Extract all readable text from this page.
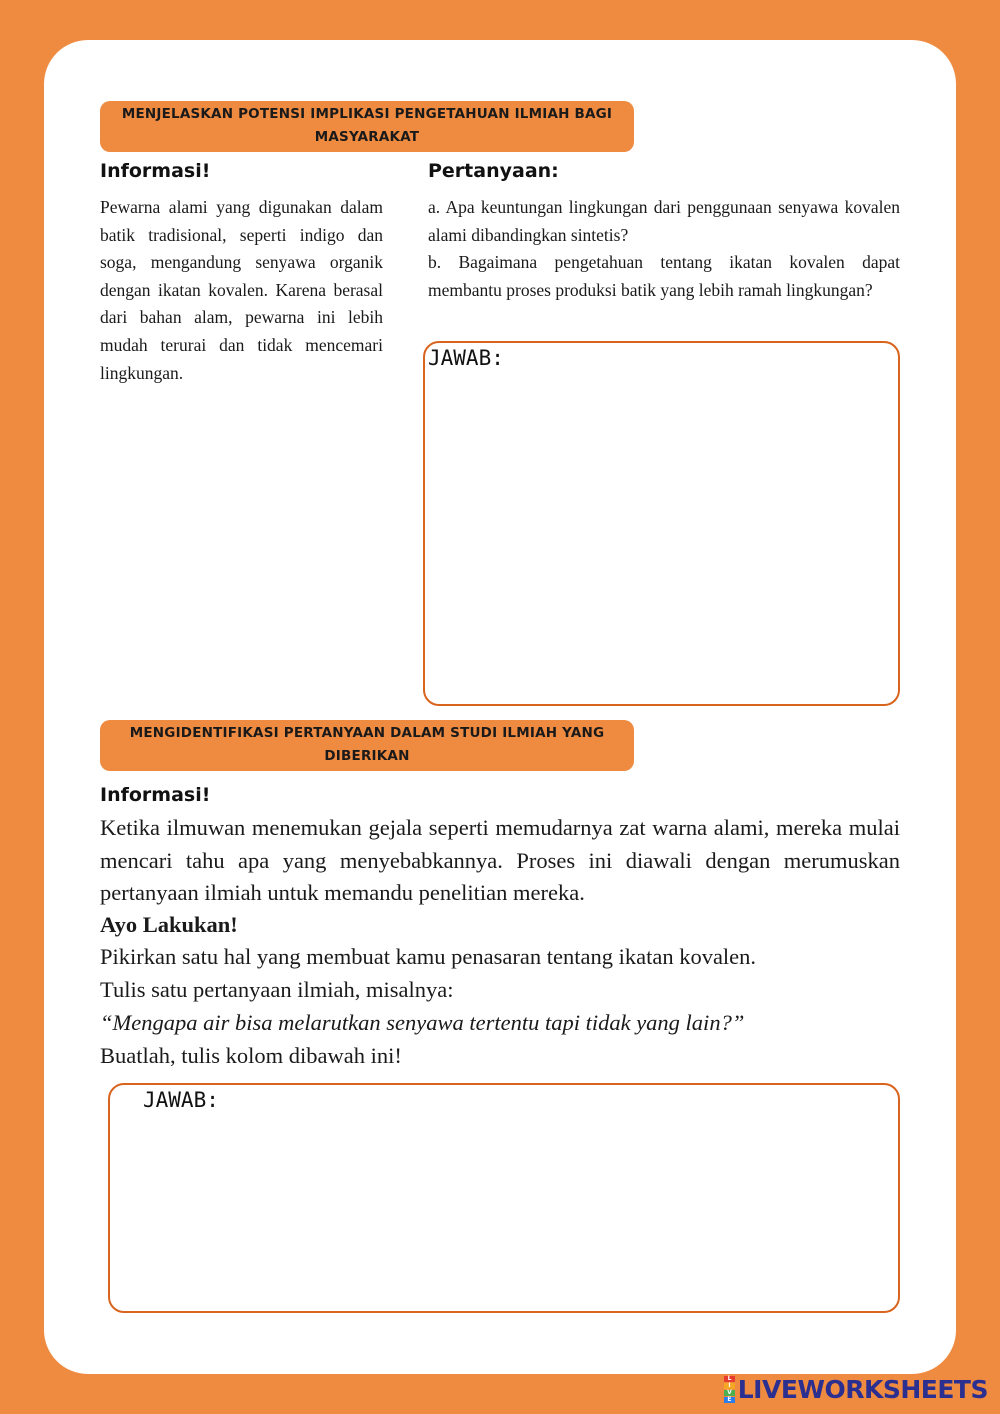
MENJELASKAN POTENSI IMPLIKASI PENGETAHUAN ILMIAH BAGI MASYARAKAT
Informasi!
Pewarna alami yang digunakan dalam batik tradisional, seperti indigo dan soga, mengandung senyawa organik dengan ikatan kovalen. Karena berasal dari bahan alam, pewarna ini lebih mudah terurai dan tidak mencemari lingkungan.
Pertanyaan:

a. Apa keuntungan lingkungan dari penggunaan senyawa kovalen alami dibandingkan sintetis?

b. Bagaimana pengetahuan tentang ikatan kovalen dapat membantu proses produksi batik yang lebih ramah lingkungan?

JAWAB:
MENGIDENTIFIKASI PERTANYAAN DALAM STUDI ILMIAH YANG DIBERIKAN
Informasi!
Ketika ilmuwan menemukan gejala seperti memudarnya zat warna alami, mereka mulai mencari tahu apa yang menyebabkannya. Proses ini diawali dengan merumuskan pertanyaan ilmiah untuk memandu penelitian mereka.
Ayo Lakukan!
Pikirkan satu hal yang membuat kamu penasaran tentang ikatan kovalen.
Tulis satu pertanyaan ilmiah, misalnya:
“Mengapa air bisa melarutkan senyawa tertentu tapi tidak yang lain?”
Buatlah, tulis kolom dibawah ini!
JAWAB:
L
I
V
E LIVEWORKSHEETS
